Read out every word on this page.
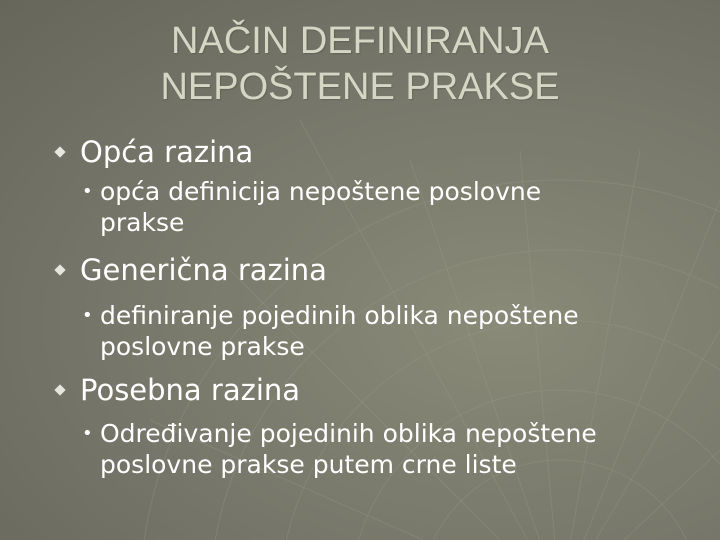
NAČIN DEFINIRANJA
NEPOŠTENE PRAKSE
Opća razina
• opća definicija nepoštene poslovne
prakse
Generična razina
• definiranje pojedinih oblika nepoštene
poslovne prakse
Posebna razina
• Određivanje pojedinih oblika nepoštene
poslovne prakse putem crne liste
